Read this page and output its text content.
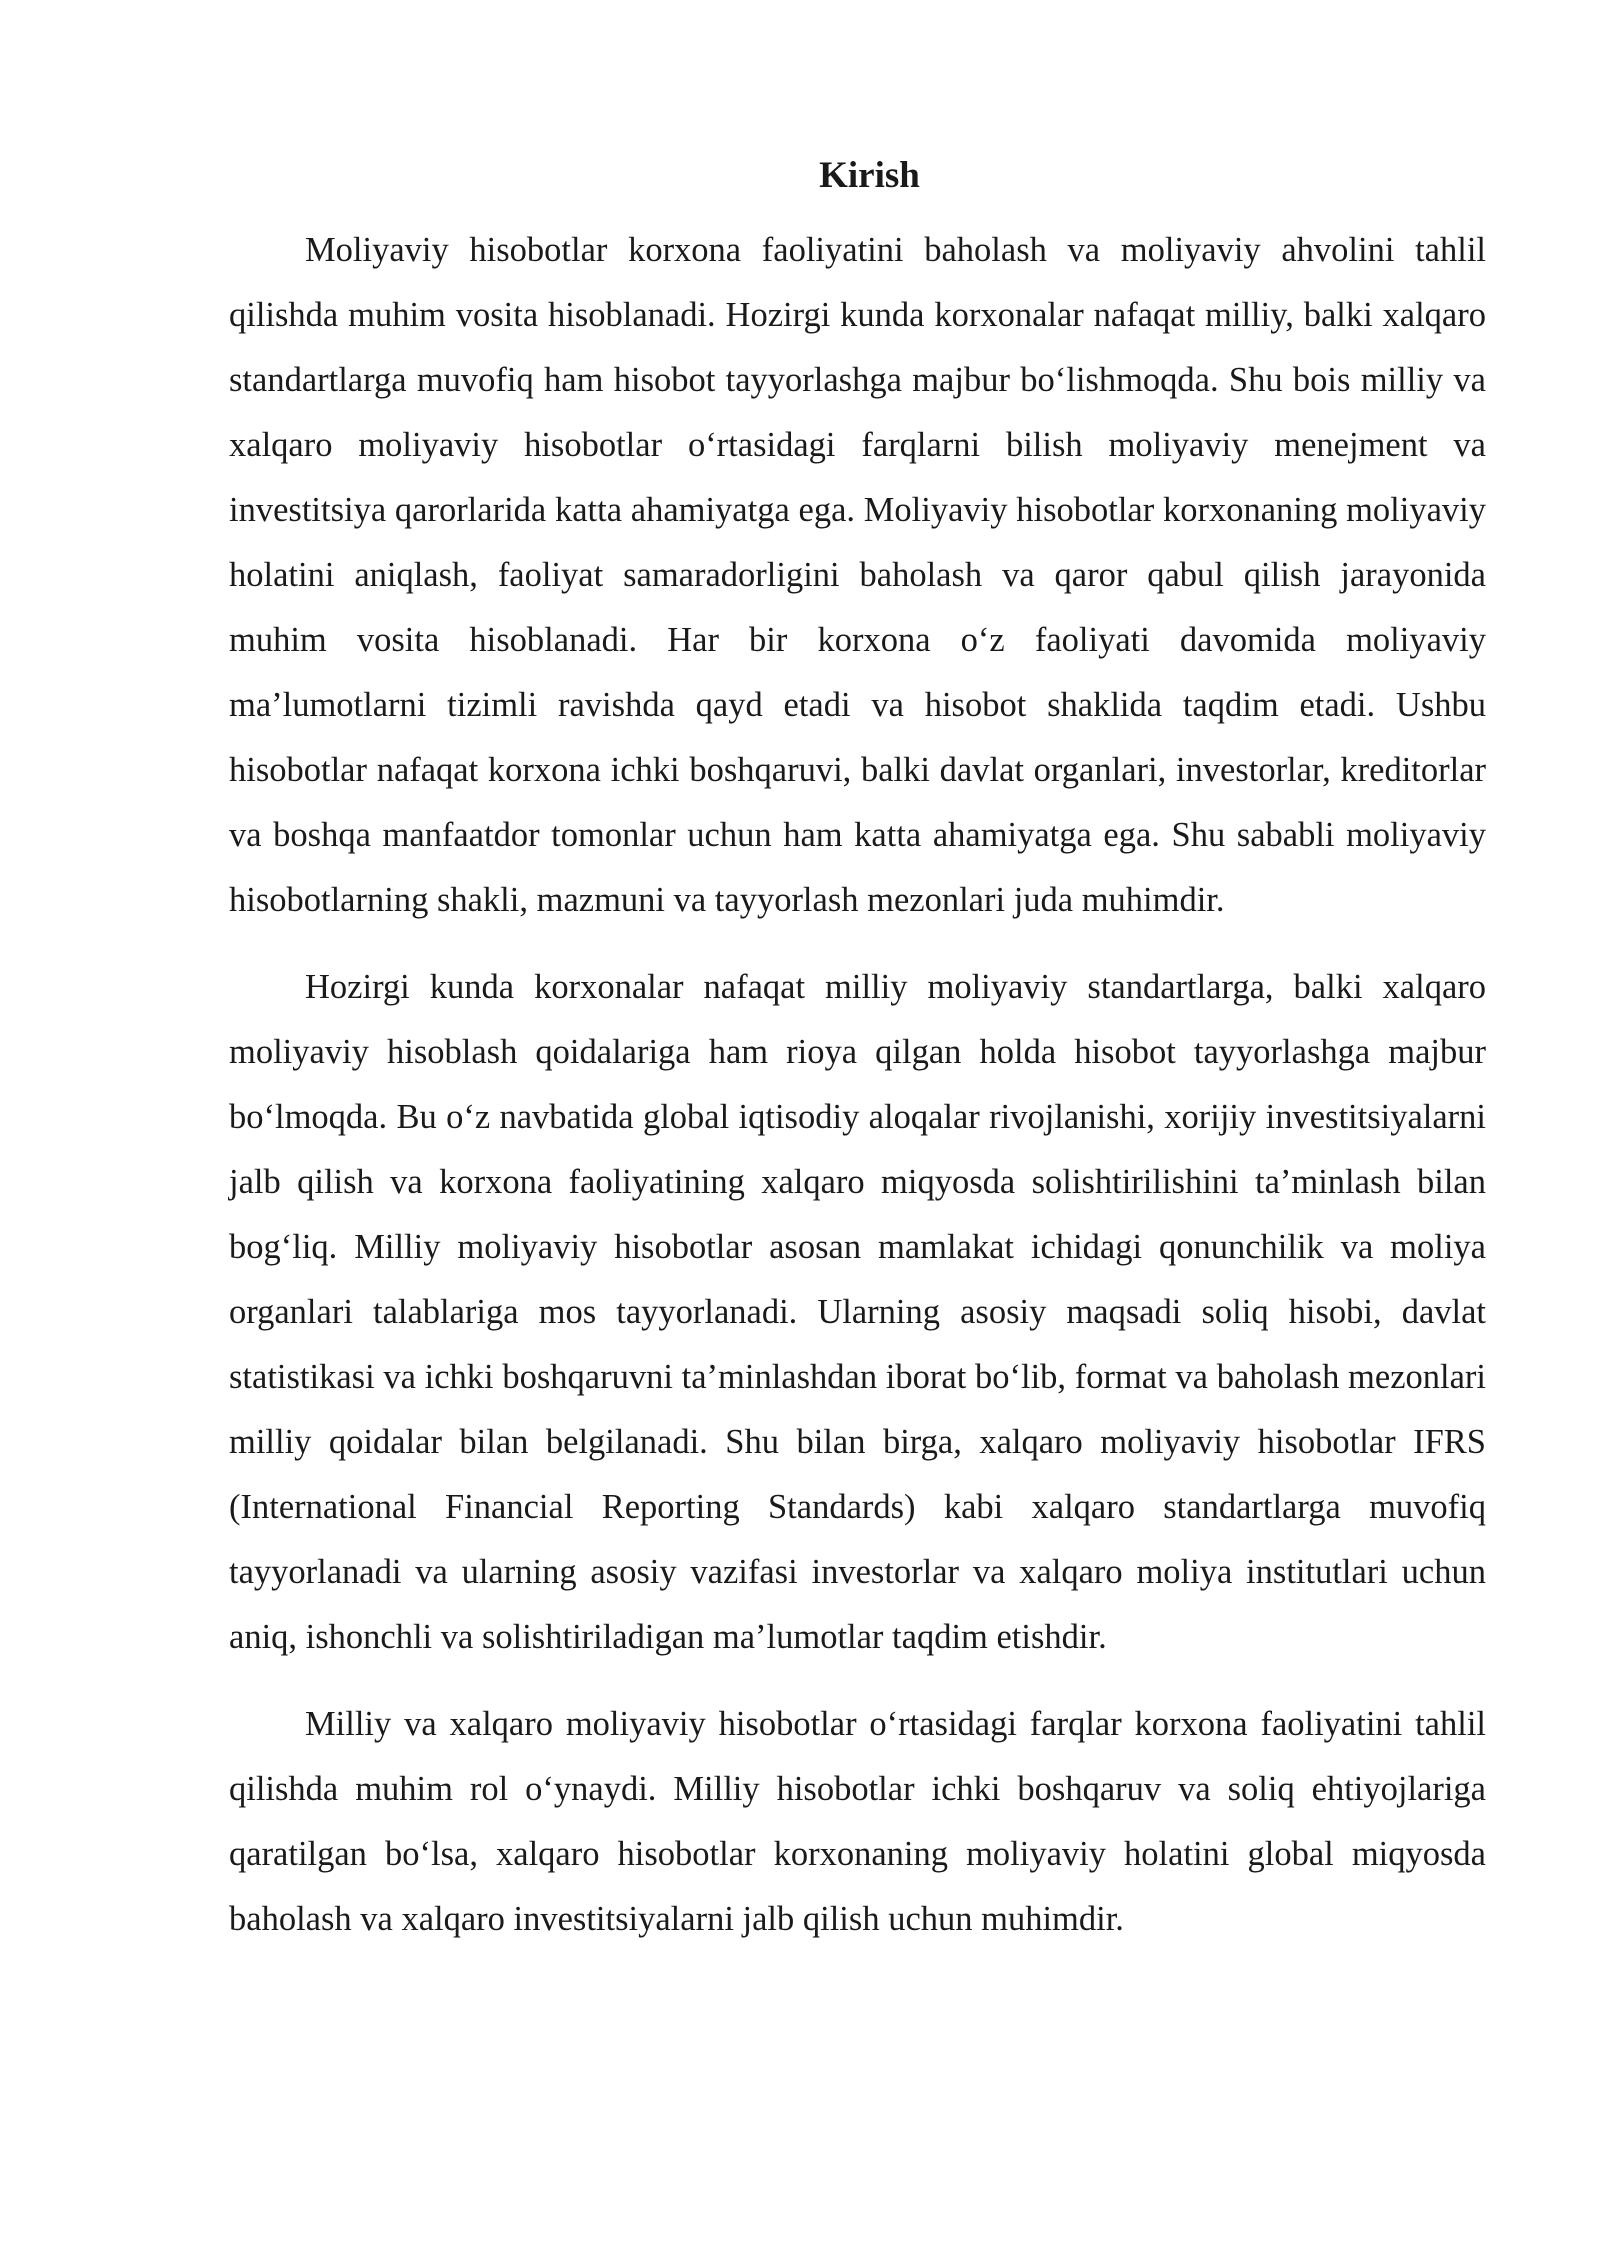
Kirish

Moliyaviy hisobotlar korxona faoliyatini baholash va moliyaviy ahvolini tahlil qilishda muhim vosita hisoblanadi. Hozirgi kunda korxonalar nafaqat milliy, balki xalqaro standartlarga muvofiq ham hisobot tayyorlashga majbur bo‘lishmoqda. Shu bois milliy va xalqaro moliyaviy hisobotlar o‘rtasidagi farqlarni bilish moliyaviy menejment va investitsiya qarorlarida katta ahamiyatga ega. Moliyaviy hisobotlar korxonaning moliyaviy holatini aniqlash, faoliyat samaradorligini baholash va qaror qabul qilish jarayonida muhim vosita hisoblanadi. Har bir korxona o‘z faoliyati davomida moliyaviy ma’lumotlarni tizimli ravishda qayd etadi va hisobot shaklida taqdim etadi. Ushbu hisobotlar nafaqat korxona ichki boshqaruvi, balki davlat organlari, investorlar, kreditorlar va boshqa manfaatdor tomonlar uchun ham katta ahamiyatga ega. Shu sababli moliyaviy hisobotlarning shakli, mazmuni va tayyorlash mezonlari juda muhimdir.

Hozirgi kunda korxonalar nafaqat milliy moliyaviy standartlarga, balki xalqaro moliyaviy hisoblash qoidalariga ham rioya qilgan holda hisobot tayyorlashga majbur bo‘lmoqda. Bu o‘z navbatida global iqtisodiy aloqalar rivojlanishi, xorijiy investitsiyalarni jalb qilish va korxona faoliyatining xalqaro miqyosda solishtirilishini ta’minlash bilan bog‘liq. Milliy moliyaviy hisobotlar asosan mamlakat ichidagi qonunchilik va moliya organlari talablariga mos tayyorlanadi. Ularning asosiy maqsadi soliq hisobi, davlat statistikasi va ichki boshqaruvni ta’minlashdan iborat bo‘lib, format va baholash mezonlari milliy qoidalar bilan belgilanadi. Shu bilan birga, xalqaro moliyaviy hisobotlar IFRS (International Financial Reporting Standards) kabi xalqaro standartlarga muvofiq tayyorlanadi va ularning asosiy vazifasi investorlar va xalqaro moliya institutlari uchun aniq, ishonchli va solishtiriladigan ma’lumotlar taqdim etishdir.

Milliy va xalqaro moliyaviy hisobotlar o‘rtasidagi farqlar korxona faoliyatini tahlil qilishda muhim rol o‘ynaydi. Milliy hisobotlar ichki boshqaruv va soliq ehtiyojlariga qaratilgan bo‘lsa, xalqaro hisobotlar korxonaning moliyaviy holatini global miqyosda baholash va xalqaro investitsiyalarni jalb qilish uchun muhimdir.
